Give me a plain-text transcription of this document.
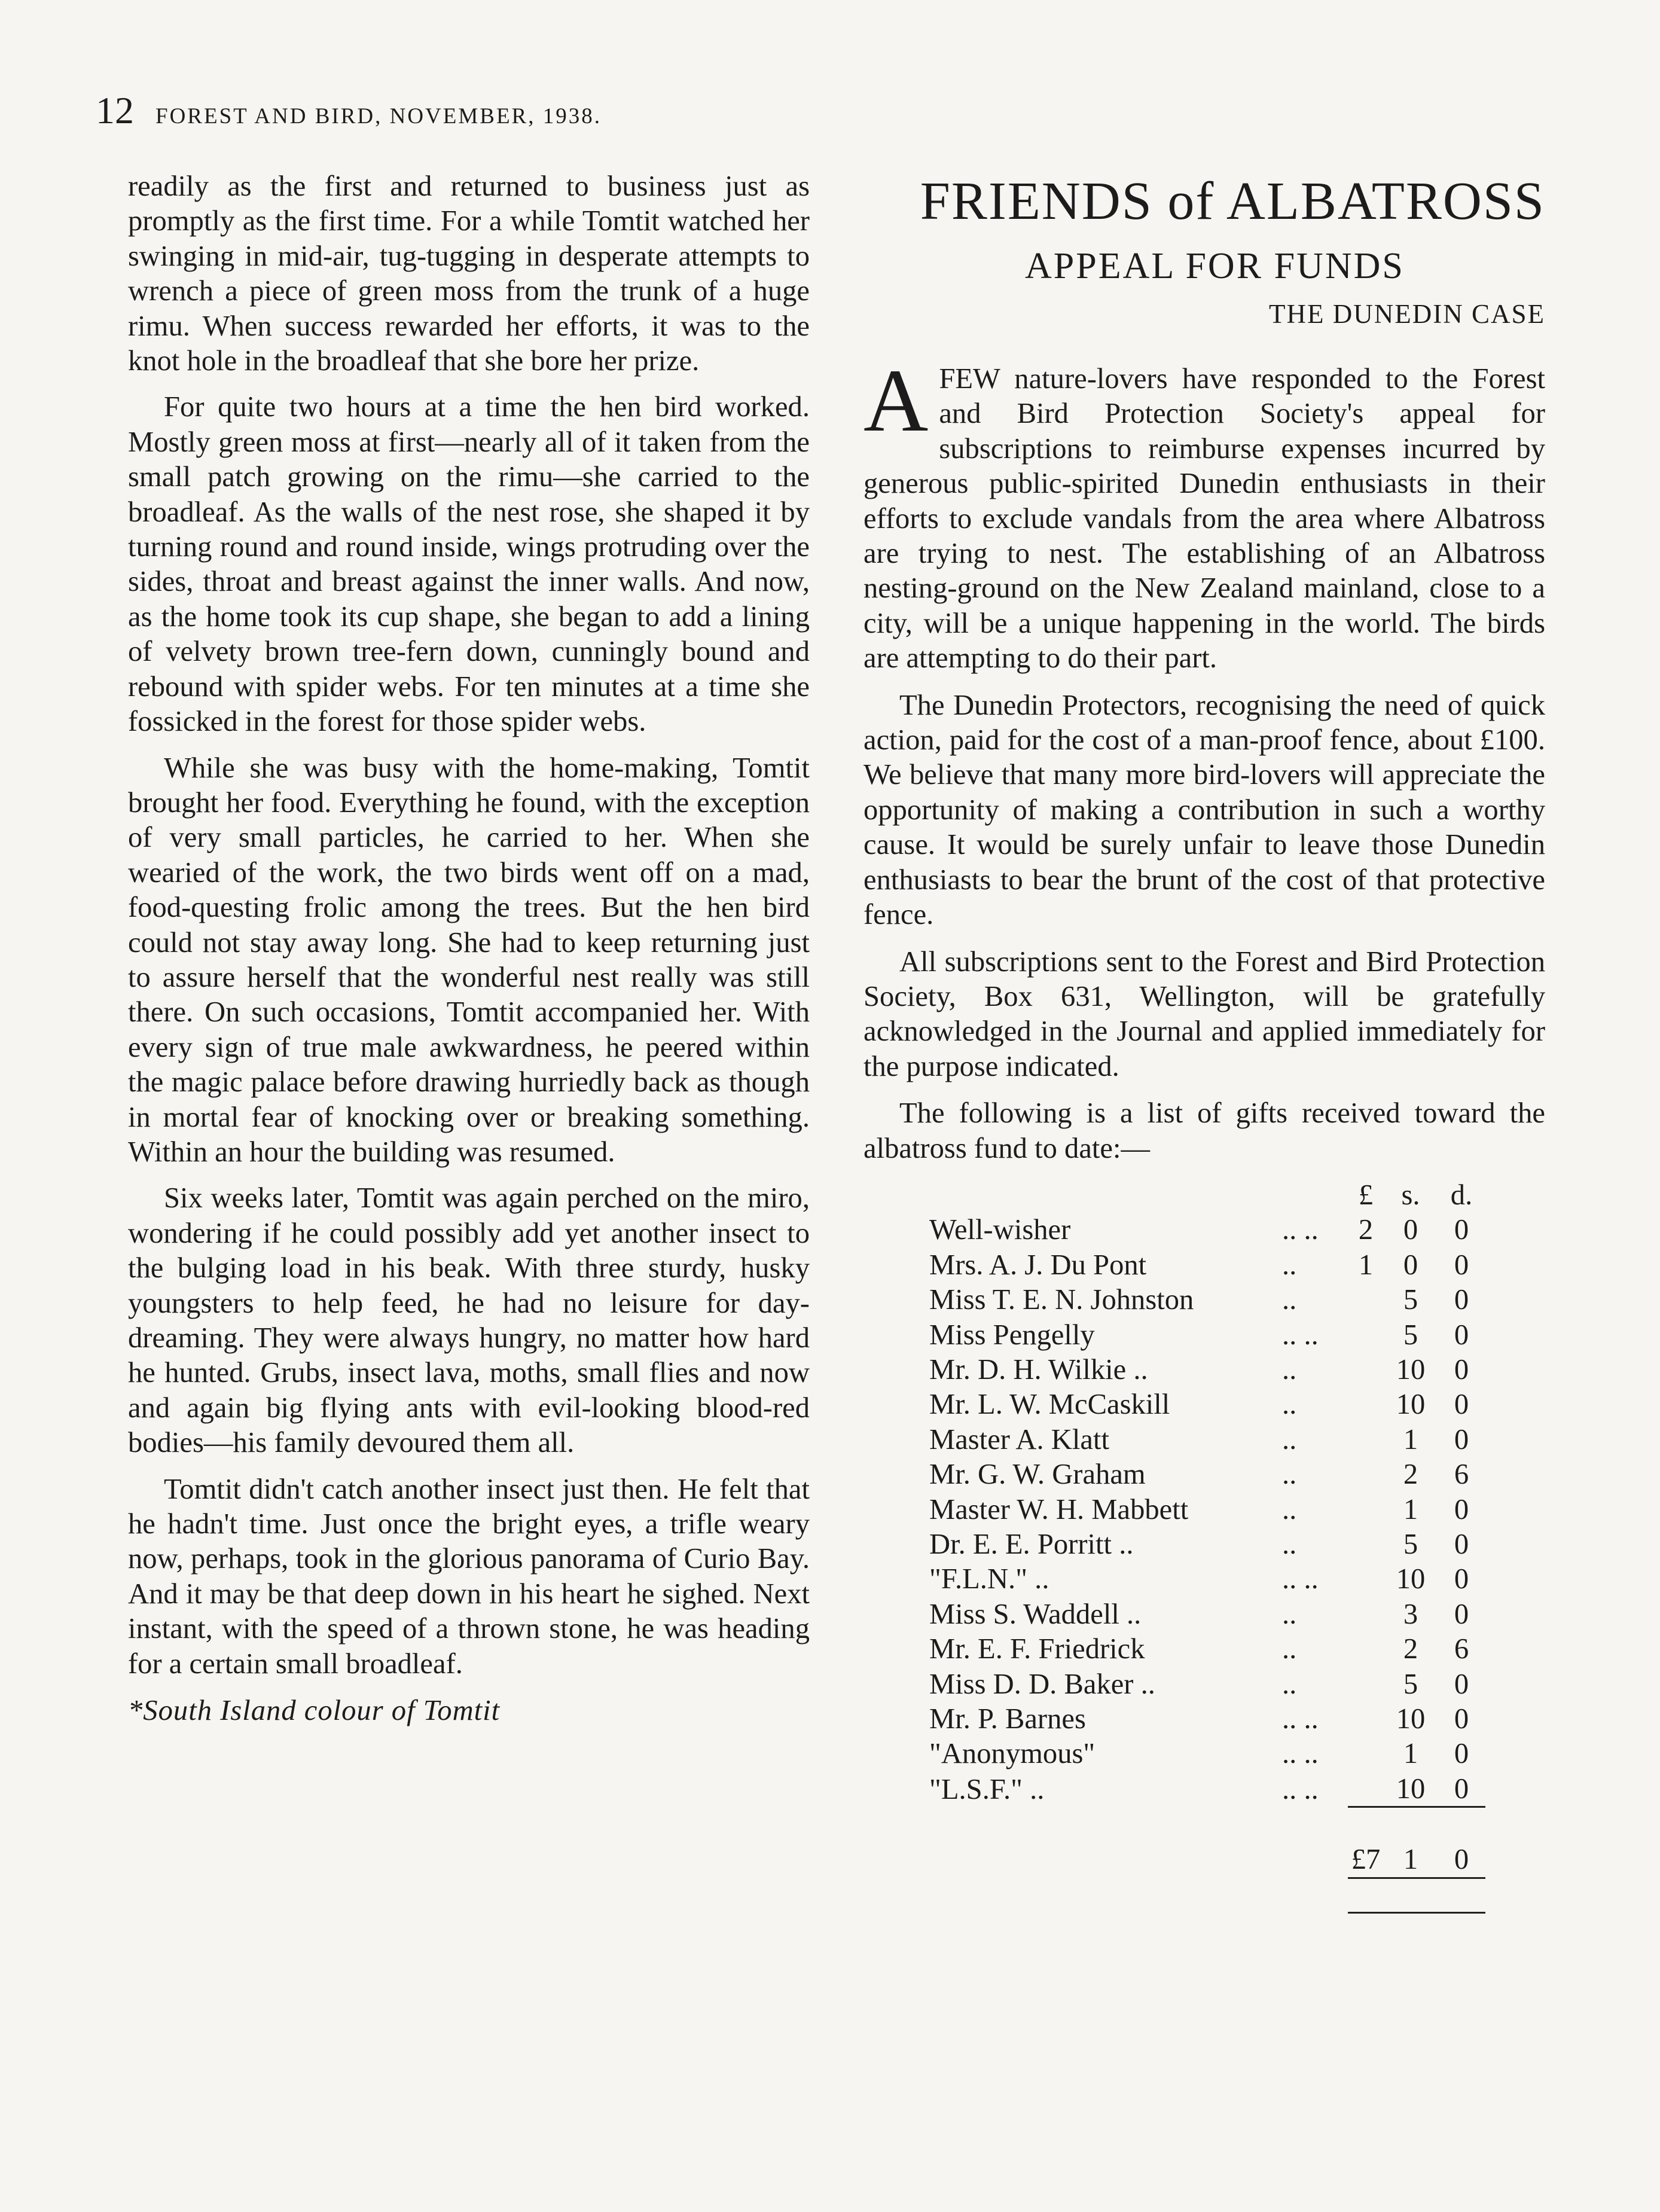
12 FOREST AND BIRD, NOVEMBER, 1938.

readily as the first and returned to business just as promptly as the first time. For a while Tomtit watched her swinging in mid-air, tug-tugging in desperate attempts to wrench a piece of green moss from the trunk of a huge rimu. When success rewarded her efforts, it was to the knot hole in the broadleaf that she bore her prize.

For quite two hours at a time the hen bird worked. Mostly green moss at first—nearly all of it taken from the small patch growing on the rimu—she carried to the broadleaf. As the walls of the nest rose, she shaped it by turning round and round inside, wings protruding over the sides, throat and breast against the inner walls. And now, as the home took its cup shape, she began to add a lining of velvety brown tree-fern down, cunningly bound and rebound with spider webs. For ten minutes at a time she fossicked in the forest for those spider webs.

While she was busy with the home-making, Tomtit brought her food. Everything he found, with the exception of very small particles, he carried to her. When she wearied of the work, the two birds went off on a mad, food-questing frolic among the trees. But the hen bird could not stay away long. She had to keep returning just to assure herself that the wonderful nest really was still there. On such occasions, Tomtit accompanied her. With every sign of true male awkwardness, he peered within the magic palace before drawing hurriedly back as though in mortal fear of knocking over or breaking something. Within an hour the building was resumed.

Six weeks later, Tomtit was again perched on the miro, wondering if he could possibly add yet another insect to the bulging load in his beak. With three sturdy, husky youngsters to help feed, he had no leisure for day-dreaming. They were always hungry, no matter how hard he hunted. Grubs, insect lava, moths, small flies and now and again big flying ants with evil-looking blood-red bodies—his family devoured them all.

Tomtit didn't catch another insect just then. He felt that he hadn't time. Just once the bright eyes, a trifle weary now, perhaps, took in the glorious panorama of Curio Bay. And it may be that deep down in his heart he sighed. Next instant, with the speed of a thrown stone, he was heading for a certain small broadleaf.

*South Island colour of Tomtit

FRIENDS of ALBATROSS
APPEAL FOR FUNDS
THE DUNEDIN CASE

AFEW nature-lovers have responded to the Forest and Bird Protection Society's appeal for subscriptions to reimburse expenses incurred by generous public-spirited Dunedin enthusiasts in their efforts to exclude vandals from the area where Albatross are trying to nest. The establishing of an Albatross nesting-ground on the New Zealand mainland, close to a city, will be a unique happening in the world. The birds are attempting to do their part.

The Dunedin Protectors, recognising the need of quick action, paid for the cost of a man-proof fence, about £100. We believe that many more bird-lovers will appreciate the opportunity of making a contribution in such a worthy cause. It would be surely unfair to leave those Dunedin enthusiasts to bear the brunt of the cost of that protective fence.

All subscriptions sent to the Forest and Bird Protection Society, Box 631, Wellington, will be gratefully acknowledged in the Journal and applied immediately for the purpose indicated.

The following is a list of gifts received toward the albatross fund to date:—

		£	s.	d.
Well-wisher	.. ..	2	0	0
Mrs. A. J. Du Pont	..	1	0	0
Miss T. E. N. Johnston	..		5	0
Miss Pengelly	.. ..		5	0
Mr. D. H. Wilkie ..	..		10	0
Mr. L. W. McCaskill	..		10	0
Master A. Klatt	..		1	0
Mr. G. W. Graham	..		2	6
Master W. H. Mabbett	..		1	0
Dr. E. E. Porritt ..	..		5	0
"F.L.N." ..	.. ..		10	0
Miss S. Waddell ..	..		3	0
Mr. E. F. Friedrick	..		2	6
Miss D. D. Baker ..	..		5	0
Mr. P. Barnes	.. ..		10	0
"Anonymous"	.. ..		1	0
"L.S.F." ..	.. ..		10	0

		£7	1	0
